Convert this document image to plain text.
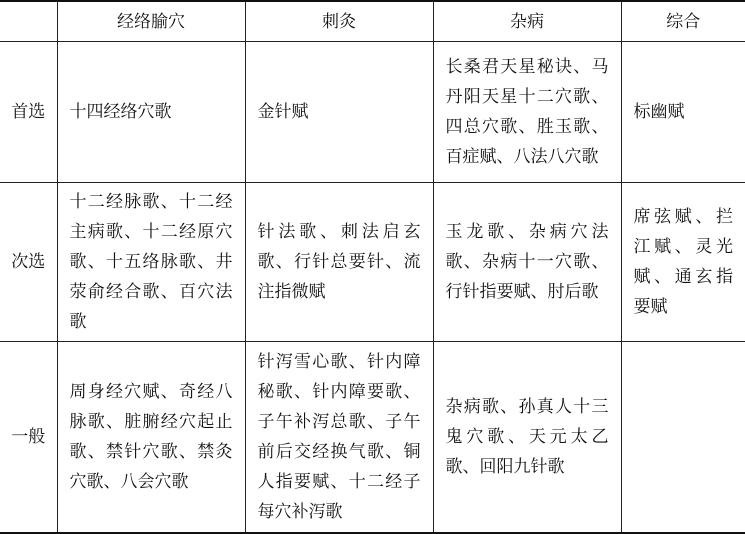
	经络腧穴	刺灸	杂病	综合
首选	十四经络穴歌	金针赋	长桑君天星秘诀、马丹阳天星十二穴歌、四总穴歌、胜玉歌、百症赋、八法八穴歌	标幽赋
次选	十二经脉歌、十二经主病歌、十二经原穴歌、十五络脉歌、井荥俞经合歌、百穴法歌	针法歌、刺法启玄歌、行针总要针、流注指微赋	玉龙歌、杂病穴法歌、杂病十一穴歌、行针指要赋、肘后歌	席弦赋、拦江赋、灵光赋、通玄指要赋
一般	周身经穴赋、奇经八脉歌、脏腑经穴起止歌、禁针穴歌、禁灸穴歌、八会穴歌	针泻雪心歌、针内障秘歌、针内障要歌、子午补泻总歌、子午前后交经换气歌、铜人指要赋、十二经子每穴补泻歌	杂病歌、孙真人十三鬼穴歌、天元太乙歌、回阳九针歌	
